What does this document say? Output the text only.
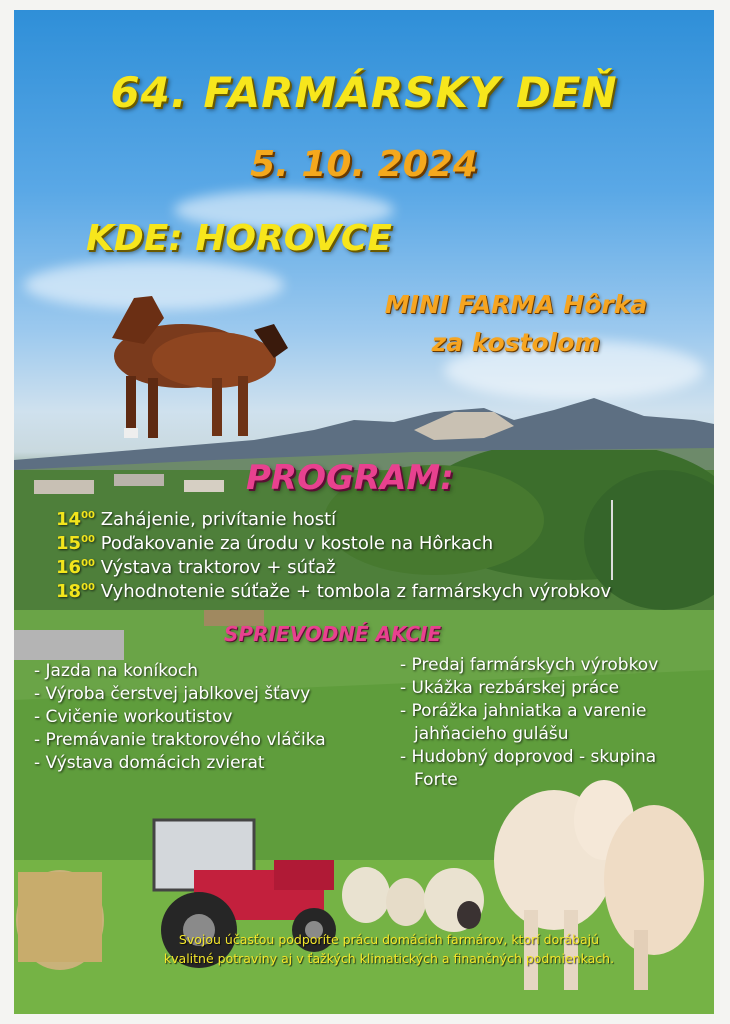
64. FARMÁRSKY DEŇ
5. 10. 2024
KDE: HOROVCE
MINI FARMA Hôrka
za kostolom
PROGRAM:
$14^{00}$ Zahájenie, privítanie hostí
$15^{00}$ Poďakovanie za úrodu v kostole na Hôrkach
$16^{00}$ Výstava traktorov + súťaž
$18^{00}$ Vyhodnotenie súťaže + tombola z farmárskych výrobkov
SPRIEVODNÉ AKCIE
- Jazda na koníkoch
- Výroba čerstvej jablkovej šťavy
- Cvičenie workoutistov
- Premávanie traktorového vláčika
- Výstava domácich zvierat
- Predaj farmárskych výrobkov
- Ukážka rezbárskej práce
- Porážka jahniatka a varenie
jahňacieho gulášu
- Hudobný doprovod - skupina
Forte
Svojou účasťou podporíte prácu domácich farmárov, ktorí dorábajú
kvalitné potraviny aj v ťažkých klimatických a finančných podmienkach.
